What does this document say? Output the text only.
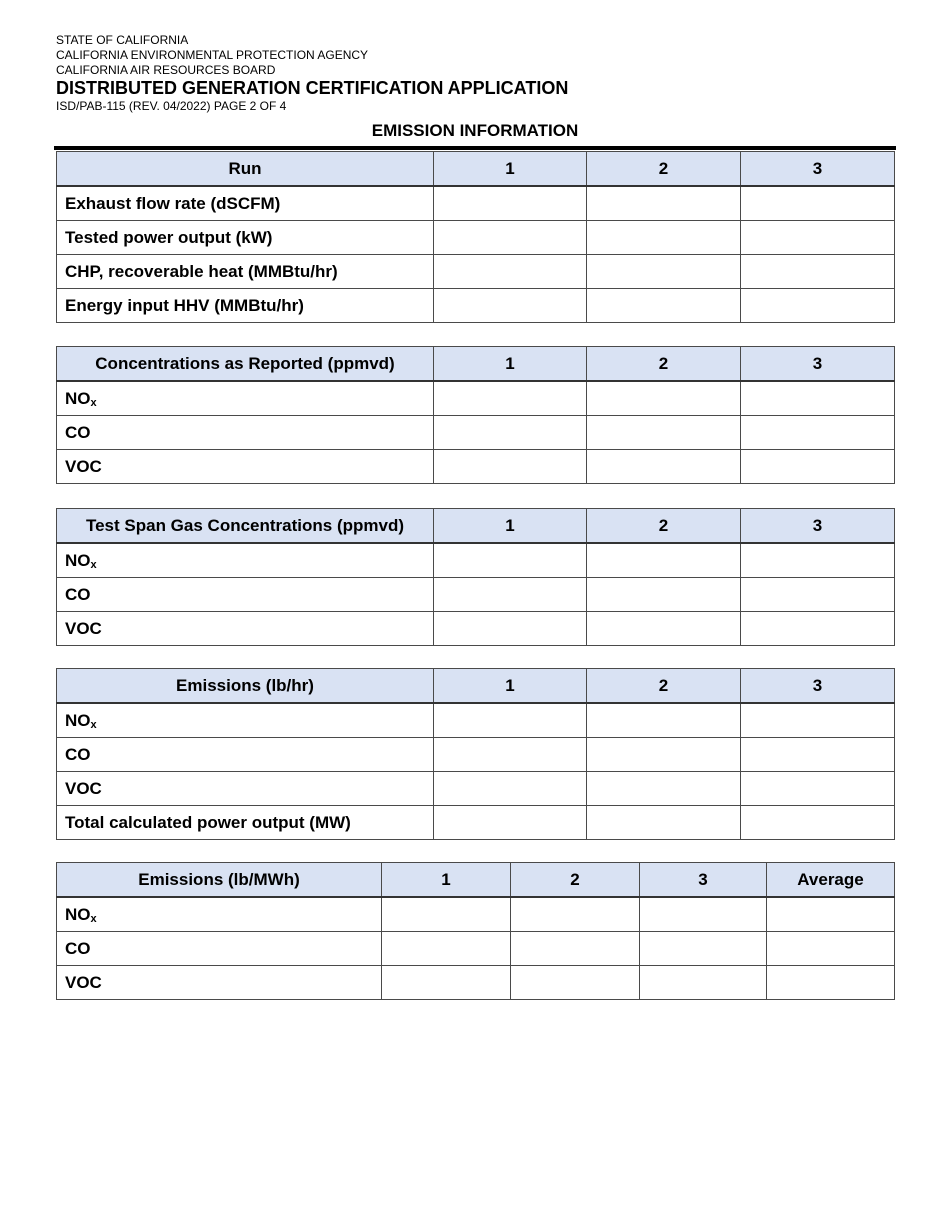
STATE OF CALIFORNIA
CALIFORNIA ENVIRONMENTAL PROTECTION AGENCY
CALIFORNIA AIR RESOURCES BOARD
DISTRIBUTED GENERATION CERTIFICATION APPLICATION
ISD/PAB-115 (REV. 04/2022) PAGE 2 OF 4
EMISSION INFORMATION
Run	1	2	3
Exhaust flow rate (dSCFM)			
Tested power output (kW)			
CHP, recoverable heat (MMBtu/hr)			
Energy input HHV (MMBtu/hr)			
Concentrations as Reported (ppmvd)	1	2	3
$NO_x$			
CO			
VOC			
Test Span Gas Concentrations (ppmvd)	1	2	3
$NO_x$			
CO			
VOC			
Emissions (lb/hr)	1	2	3
$NO_x$			
CO			
VOC			
Total calculated power output (MW)			
Emissions (lb/MWh)	1	2	3	Average
$NO_x$				
CO				
VOC				
